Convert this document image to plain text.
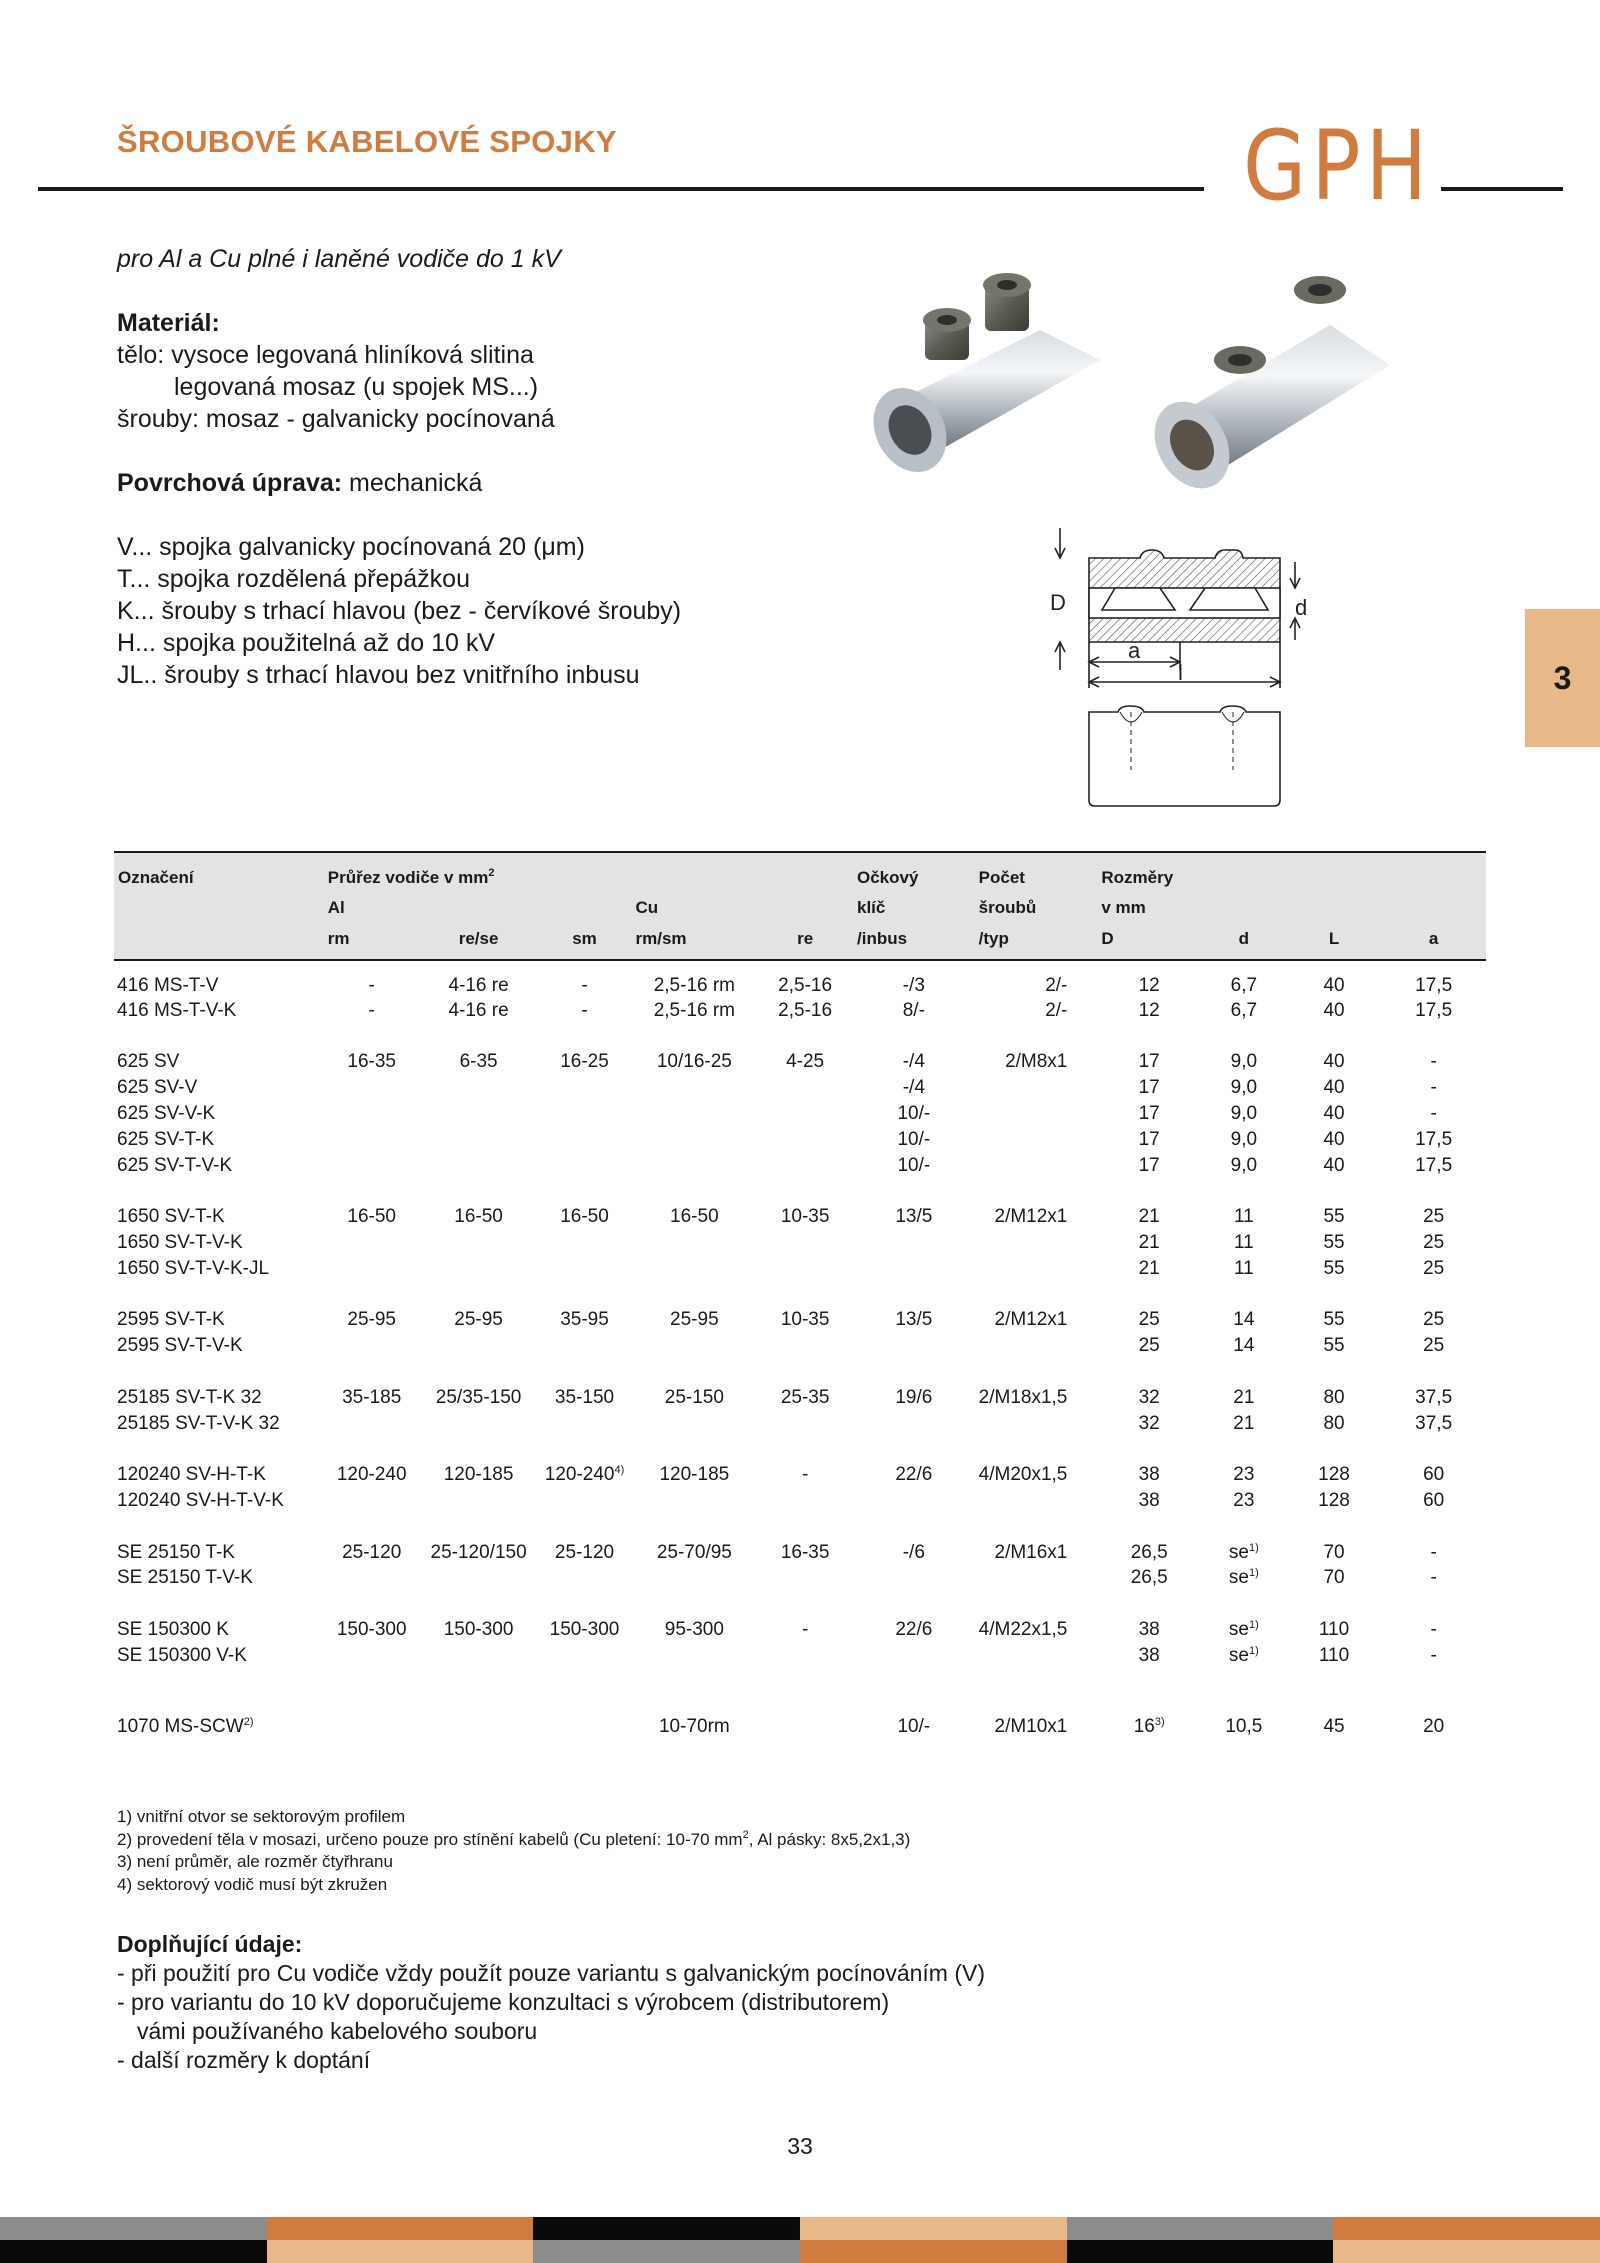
ŠROUBOVÉ KABELOVÉ SPOJKY	GPH
3
pro Al a Cu plné i laněné vodiče do 1 kV
Materiál:
tělo: vysoce legovaná hliníková slitina
legovaná mosaz (u spojek MS...)
šrouby: mosaz - galvanicky pocínovaná
Povrchová úprava: mechanická
V... spojka galvanicky pocínovaná 20 (μm)
T... spojka rozdělená přepážkou
K... šrouby s trhací hlavou (bez - červíkové šrouby)
H... spojka použitelná až do 10 kV
JL.. šrouby s trhací hlavou bez vnitřního inbusu
D	d
a
l
Označení	Průřez vodiče v $mm^2$					Očkový	Počet	Rozměry			
	Al			Cu		klíč	šroubů	v mm			
	rm	re/se	sm	rm/sm	re	/inbus	/typ	D	d	L	a
416 MS-T-V	-	4-16 re	-	2,5-16 rm	2,5-16	-/3	2/-	12	6,7	40	17,5
416 MS-T-V-K	-	4-16 re	-	2,5-16 rm	2,5-16	8/-	2/-	12	6,7	40	17,5

625 SV	16-35	6-35	16-25	10/16-25	4-25	-/4	2/M8x1	17	9,0	40	-
625 SV-V						-/4		17	9,0	40	-
625 SV-V-K						10/-		17	9,0	40	-
625 SV-T-K						10/-		17	9,0	40	17,5
625 SV-T-V-K						10/-		17	9,0	40	17,5

1650 SV-T-K	16-50	16-50	16-50	16-50	10-35	13/5	2/M12x1	21	11	55	25
1650 SV-T-V-K								21	11	55	25
1650 SV-T-V-K-JL								21	11	55	25

2595 SV-T-K	25-95	25-95	35-95	25-95	10-35	13/5	2/M12x1	25	14	55	25
2595 SV-T-V-K								25	14	55	25

25185 SV-T-K 32	35-185	25/35-150	35-150	25-150	25-35	19/6	2/M18x1,5	32	21	80	37,5
25185 SV-T-V-K 32								32	21	80	37,5

120240 SV-H-T-K	120-240	120-185	120-240$^{4)}$	120-185	-	22/6	4/M20x1,5	38	23	128	60
120240 SV-H-T-V-K								38	23	128	60

SE 25150 T-K	25-120	25-120/150	25-120	25-70/95	16-35	-/6	2/M16x1	26,5	$se^{1)}$	70	-
SE 25150 T-V-K								26,5	$se^{1)}$	70	-

SE 150300 K	150-300	150-300	150-300	95-300	-	22/6	4/M22x1,5	38	$se^{1)}$	110	-
SE 150300 V-K								38	$se^{1)}$	110	-

1070 MS-SCW$^{2)}$				10-70rm		10/-	2/M10x1	16$^{3)}$	10,5	45	20
1) vnitřní otvor se sektorovým profilem
2) provedení těla v mosazi, určeno pouze pro stínění kabelů (Cu pletení: 10-70 $mm^2$, Al pásky: 8x5,2x1,3)
3) není průměr, ale rozměr čtyřhranu
4) sektorový vodič musí být zkružen
Doplňující údaje:
- při použití pro Cu vodiče vždy použít pouze variantu s galvanickým pocínováním (V)
- pro variantu do 10 kV doporučujeme konzultaci s výrobcem (distributorem)
vámi používaného kabelového souboru
- další rozměry k doptání
33
